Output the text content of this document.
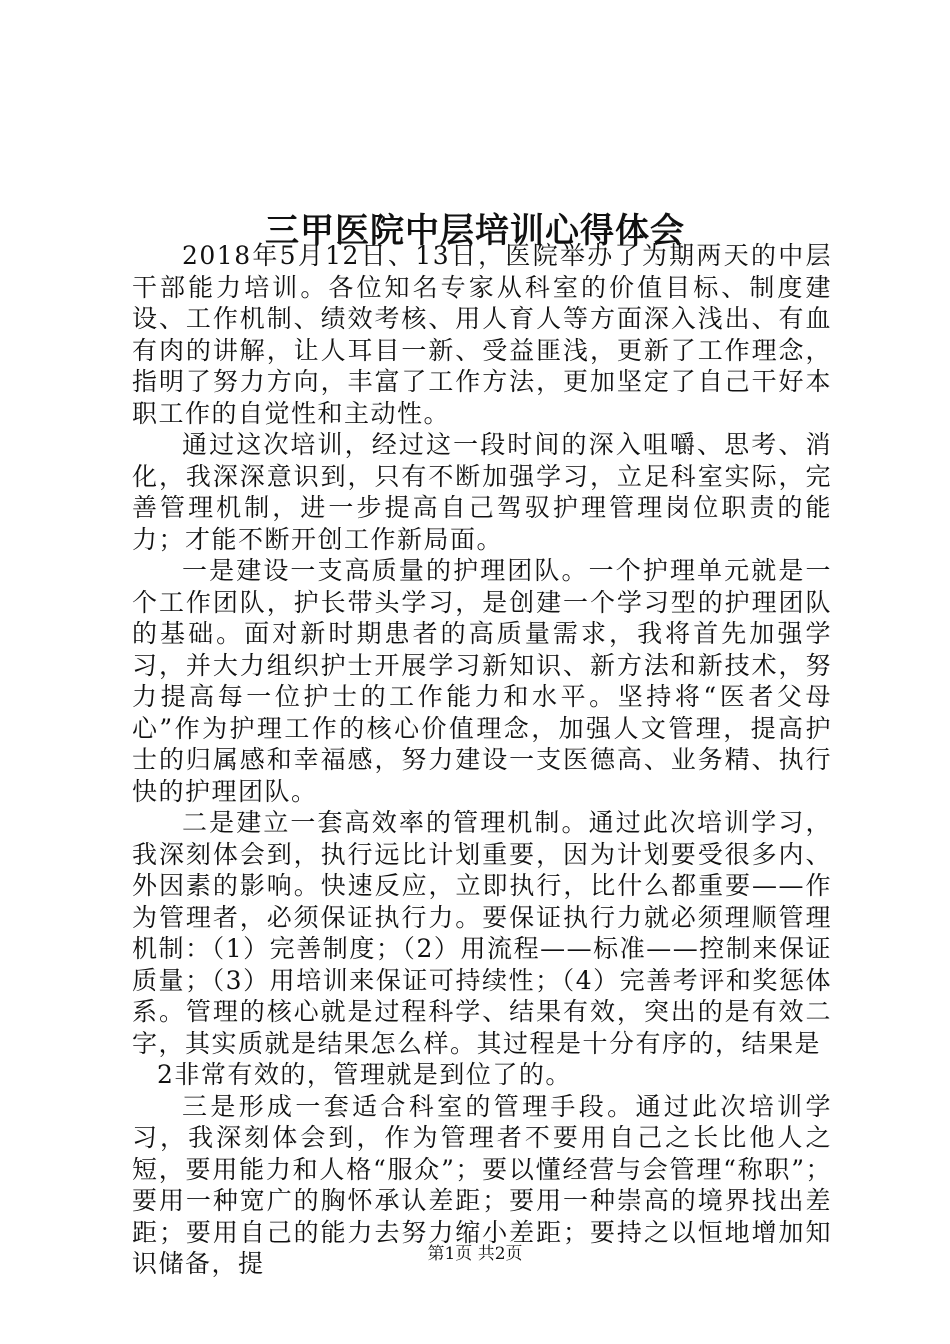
三甲医院中层培训心得体会

2018年5月12日、13日，医院举办了为期两天的中层干部能力培训。各位知名专家从科室的价值目标、制度建设、工作机制、绩效考核、用人育人等方面深入浅出、有血有肉的讲解，让人耳目一新、受益匪浅，更新了工作理念，指明了努力方向，丰富了工作方法，更加坚定了自己干好本职工作的自觉性和主动性。

通过这次培训，经过这一段时间的深入咀嚼、思考、消化，我深深意识到，只有不断加强学习，立足科室实际，完善管理机制，进一步提高自己驾驭护理管理岗位职责的能力；才能不断开创工作新局面。

一是建设一支高质量的护理团队。一个护理单元就是一个工作团队，护长带头学习，是创建一个学习型的护理团队的基础。面对新时期患者的高质量需求，我将首先加强学习，并大力组织护士开展学习新知识、新方法和新技术，努力提高每一位护士的工作能力和水平。坚持将“医者父母心”作为护理工作的核心价值理念，加强人文管理，提高护士的归属感和幸福感，努力建设一支医德高、业务精、执行快的护理团队。

二是建立一套高效率的管理机制。通过此次培训学习，我深刻体会到，执行远比计划重要，因为计划要受很多内、外因素的影响。快速反应，立即执行，比什么都重要——作为管理者，必须保证执行力。要保证执行力就必须理顺管理机制：（1）完善制度；（2）用流程——标准——控制来保证质量；（3）用培训来保证可持续性；（4）完善考评和奖惩体系。管理的核心就是过程科学、结果有效，突出的是有效二字，其实质就是结果怎么样。其过程是十分有序的，结果是

2非常有效的，管理就是到位了的。

三是形成一套适合科室的管理手段。通过此次培训学习，我深刻体会到，作为管理者不要用自己之长比他人之短，要用能力和人格“服众”；要以懂经营与会管理“称职”；要用一种宽广的胸怀承认差距；要用一种崇高的境界找出差距；要用自己的能力去努力缩小差距；要持之以恒地增加知识储备，提	第1页 共2页
